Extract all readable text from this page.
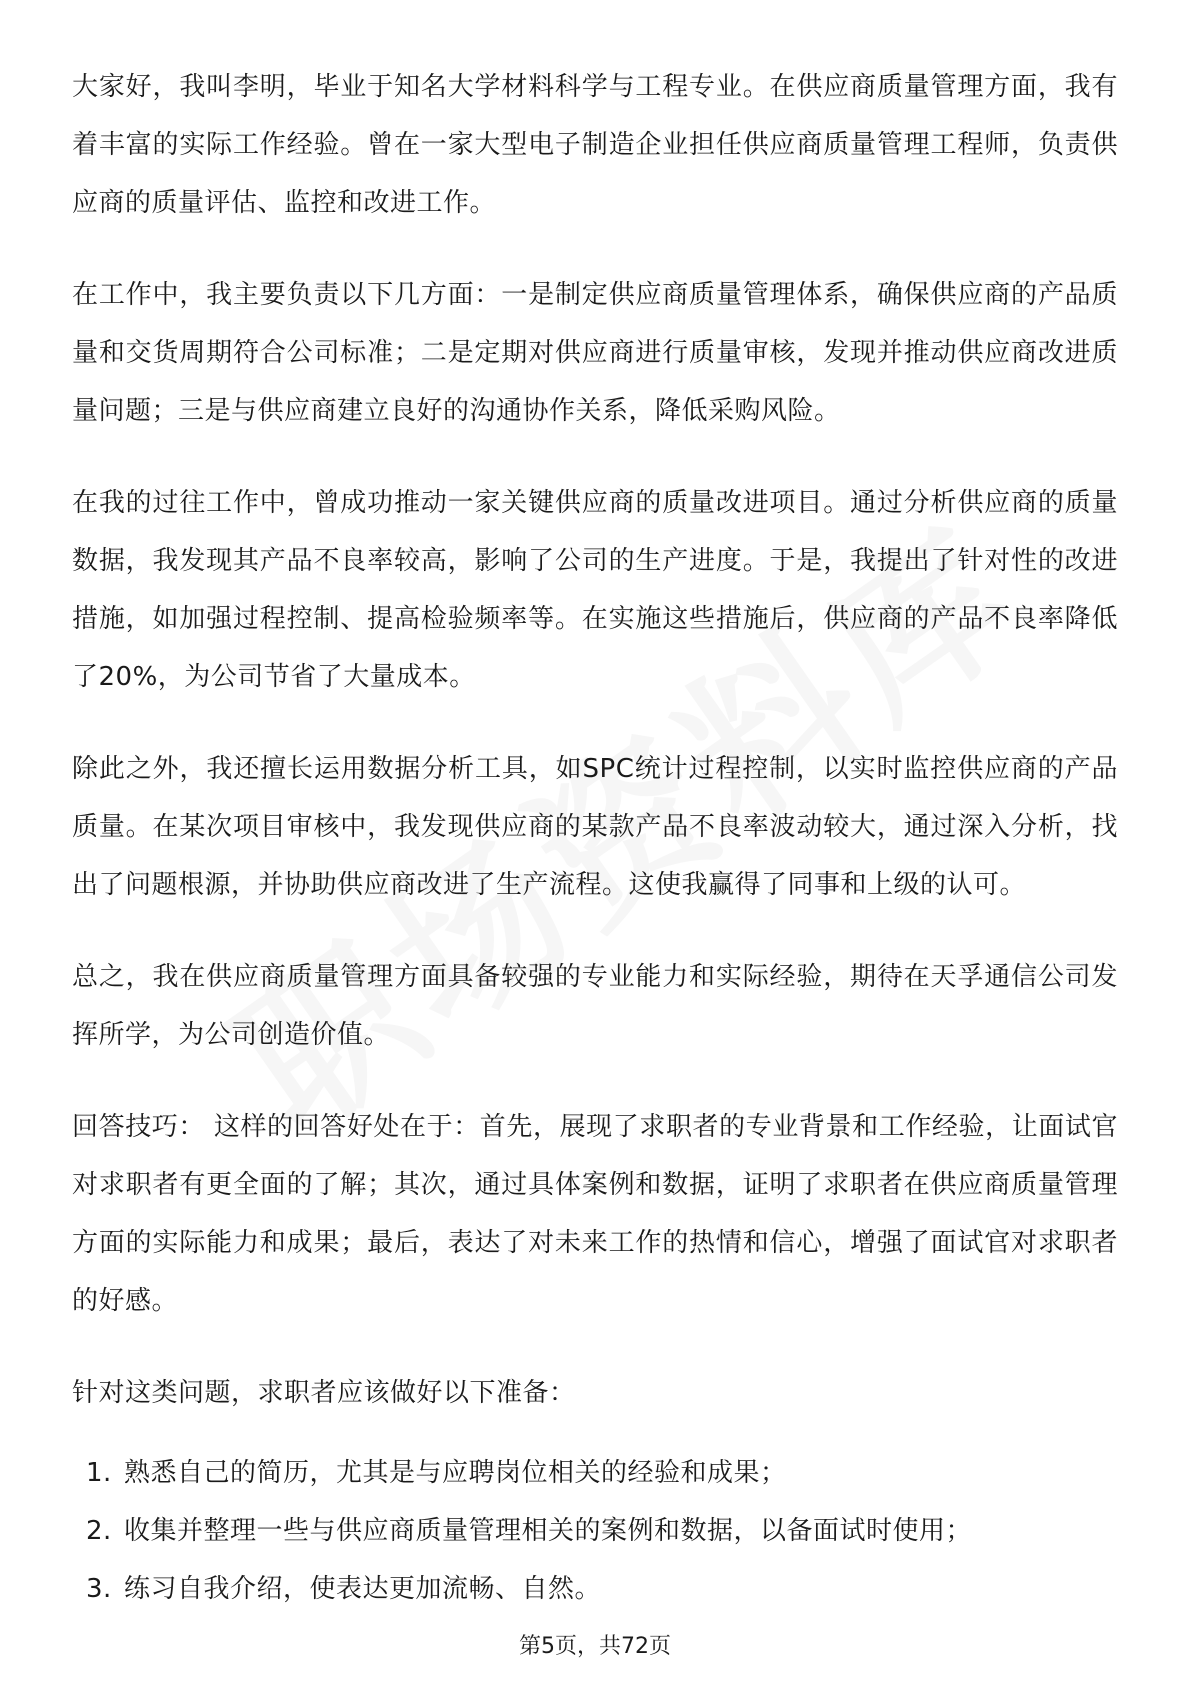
大家好，我叫李明，毕业于知名大学材料科学与工程专业。在供应商质量管理方面，我有着丰富的实际工作经验。曾在一家大型电子制造企业担任供应商质量管理工程师，负责供应商的质量评估、监控和改进工作。

在工作中，我主要负责以下几方面：一是制定供应商质量管理体系，确保供应商的产品质量和交货周期符合公司标准；二是定期对供应商进行质量审核，发现并推动供应商改进质量问题；三是与供应商建立良好的沟通协作关系，降低采购风险。

在我的过往工作中，曾成功推动一家关键供应商的质量改进项目。通过分析供应商的质量数据，我发现其产品不良率较高，影响了公司的生产进度。于是，我提出了针对性的改进措施，如加强过程控制、提高检验频率等。在实施这些措施后，供应商的产品不良率降低了20%，为公司节省了大量成本。

除此之外，我还擅长运用数据分析工具，如SPC统计过程控制，以实时监控供应商的产品质量。在某次项目审核中，我发现供应商的某款产品不良率波动较大，通过深入分析，找出了问题根源，并协助供应商改进了生产流程。这使我赢得了同事和上级的认可。

总之，我在供应商质量管理方面具备较强的专业能力和实际经验，期待在天孚通信公司发挥所学，为公司创造价值。

回答技巧： 这样的回答好处在于：首先，展现了求职者的专业背景和工作经验，让面试官对求职者有更全面的了解；其次，通过具体案例和数据，证明了求职者在供应商质量管理方面的实际能力和成果；最后，表达了对未来工作的热情和信心，增强了面试官对求职者的好感。

针对这类问题，求职者应该做好以下准备：

1. 熟悉自己的简历，尤其是与应聘岗位相关的经验和成果；
2. 收集并整理一些与供应商质量管理相关的案例和数据，以备面试时使用；
3. 练习自我介绍，使表达更加流畅、自然。
第5页，共72页
